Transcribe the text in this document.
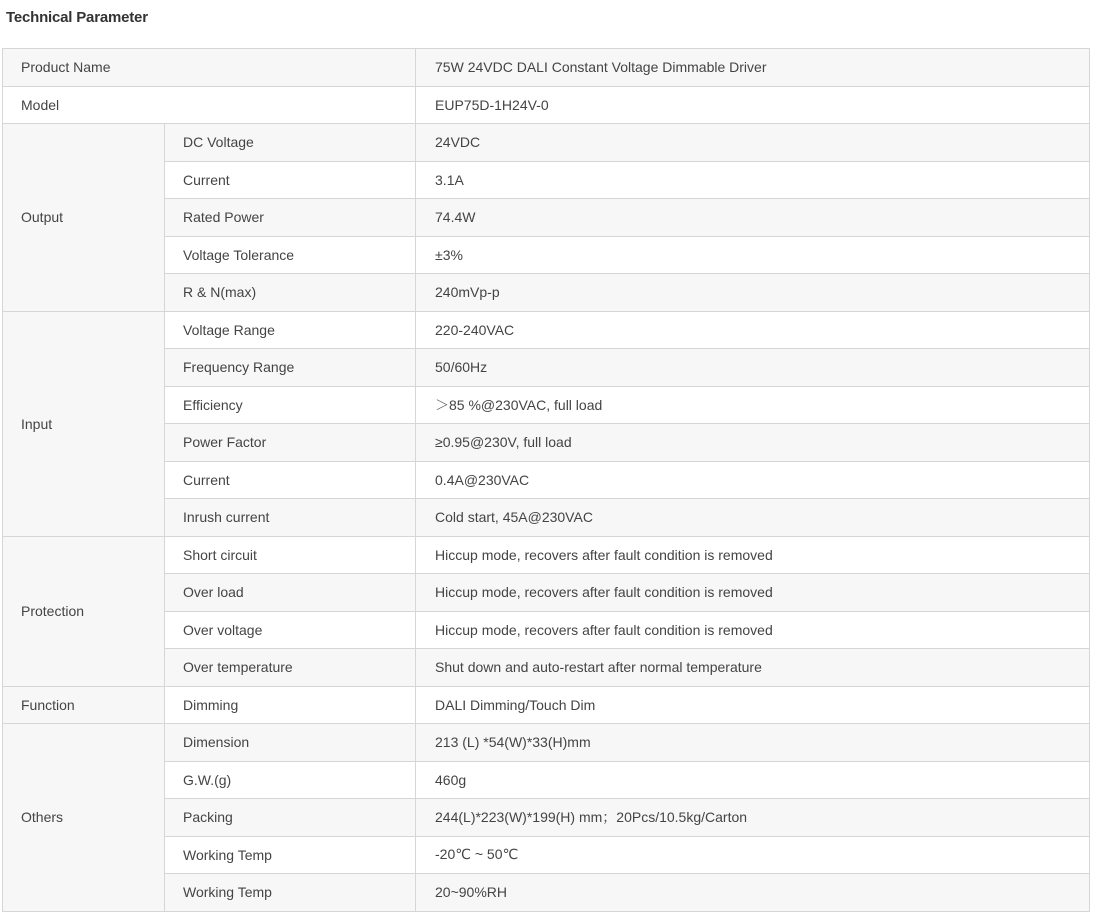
Technical Parameter
Product Name		75W 24VDC DALI Constant Voltage Dimmable Driver
Model		EUP75D-1H24V-0
Output	DC Voltage	24VDC
	Current	3.1A
	Rated Power	74.4W
	Voltage Tolerance	±3%
	R & N(max)	240mVp-p
Input	Voltage Range	220-240VAC
	Frequency Range	50/60Hz
	Efficiency	＞85 %@230VAC, full load
	Power Factor	≥0.95@230V, full load
	Current	0.4A@230VAC
	Inrush current	Cold start, 45A@230VAC
Protection	Short circuit	Hiccup mode, recovers after fault condition is removed
	Over load	Hiccup mode, recovers after fault condition is removed
	Over voltage	Hiccup mode, recovers after fault condition is removed
	Over temperature	Shut down and auto-restart after normal temperature
Function	Dimming	DALI Dimming/Touch Dim
Others	Dimension	213 (L) *54(W)*33(H)mm
	G.W.(g)	460g
	Packing	244(L)*223(W)*199(H) mm；20Pcs/10.5kg/Carton
	Working Temp	-20℃ ~ 50℃
	Working Temp	20~90%RH
